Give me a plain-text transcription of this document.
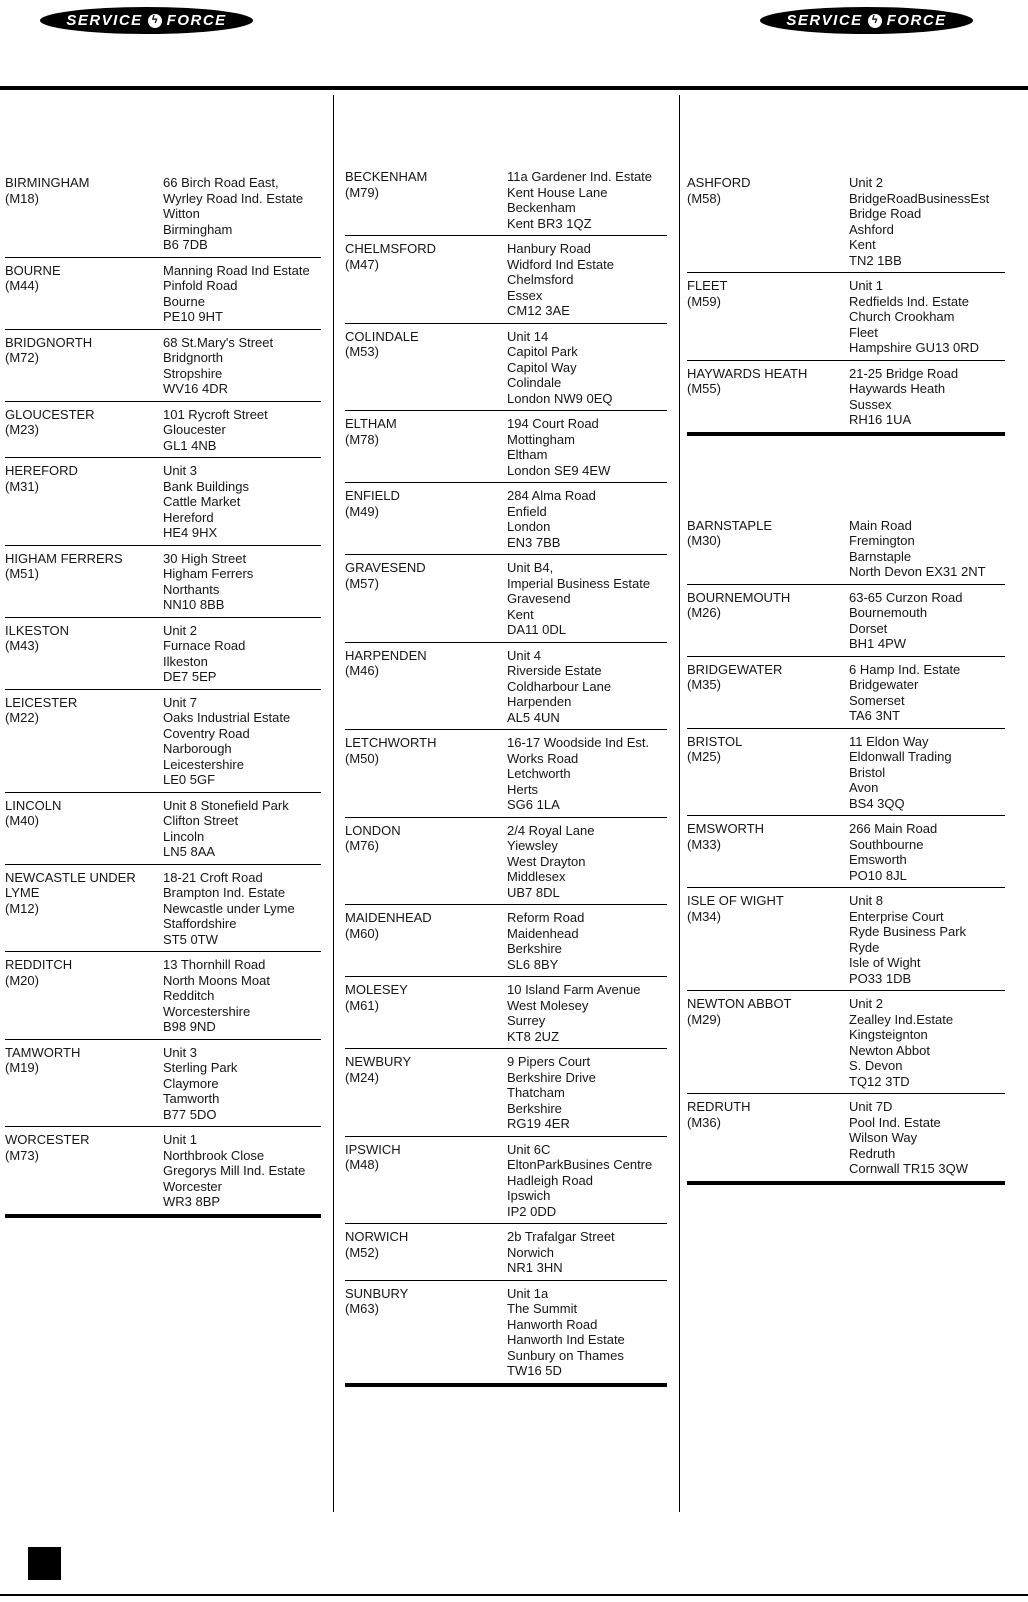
SERVICE ϟ FORCE	SERVICE ϟ FORCE
BIRMINGHAM
(M18)
66 Birch Road East,
Wyrley Road Ind. Estate
Witton
Birmingham
B6 7DB
BOURNE
(M44)
Manning Road Ind Estate
Pinfold Road
Bourne
PE10 9HT
BRIDGNORTH
(M72)
68 St.Mary's Street
Bridgnorth
Stropshire
WV16 4DR
GLOUCESTER
(M23)
101 Rycroft Street
Gloucester
GL1 4NB
HEREFORD
(M31)
Unit 3
Bank Buildings
Cattle Market
Hereford
HE4 9HX
HIGHAM FERRERS
(M51)
30 High Street
Higham Ferrers
Northants
NN10 8BB
ILKESTON
(M43)
Unit 2
Furnace Road
Ilkeston
DE7 5EP
LEICESTER
(M22)
Unit 7
Oaks Industrial Estate
Coventry Road
Narborough
Leicestershire
LE0 5GF
LINCOLN
(M40)
Unit 8 Stonefield Park
Clifton Street
Lincoln
LN5 8AA
NEWCASTLE UNDER LYME
(M12)
18-21 Croft Road
Brampton Ind. Estate
Newcastle under Lyme
Staffordshire
ST5 0TW
REDDITCH
(M20)
13 Thornhill Road
North Moons Moat
Redditch
Worcestershire
B98 9ND
TAMWORTH
(M19)
Unit 3
Sterling Park
Claymore
Tamworth
B77 5DO
WORCESTER
(M73)
Unit 1
Northbrook Close
Gregorys Mill Ind. Estate
Worcester
WR3 8BP
BECKENHAM
(M79)
11a Gardener Ind. Estate
Kent House Lane
Beckenham
Kent BR3 1QZ
CHELMSFORD
(M47)
Hanbury Road
Widford Ind Estate
Chelmsford
Essex
CM12 3AE
COLINDALE
(M53)
Unit 14
Capitol Park
Capitol Way
Colindale
London NW9 0EQ
ELTHAM
(M78)
194 Court Road
Mottingham
Eltham
London SE9 4EW
ENFIELD
(M49)
284 Alma Road
Enfield
London
EN3 7BB
GRAVESEND
(M57)
Unit B4,
Imperial Business Estate
Gravesend
Kent
DA11 0DL
HARPENDEN
(M46)
Unit 4
Riverside Estate
Coldharbour Lane
Harpenden
AL5 4UN
LETCHWORTH
(M50)
16-17 Woodside Ind Est.
Works Road
Letchworth
Herts
SG6 1LA
LONDON
(M76)
2/4 Royal Lane
Yiewsley
West Drayton
Middlesex
UB7 8DL
MAIDENHEAD
(M60)
Reform Road
Maidenhead
Berkshire
SL6 8BY
MOLESEY
(M61)
10 Island Farm Avenue
West Molesey
Surrey
KT8 2UZ
NEWBURY
(M24)
9 Pipers Court
Berkshire Drive
Thatcham
Berkshire
RG19 4ER
IPSWICH
(M48)
Unit 6C
EltonParkBusines Centre
Hadleigh Road
Ipswich
IP2 0DD
NORWICH
(M52)
2b Trafalgar Street
Norwich
NR1 3HN
SUNBURY
(M63)
Unit 1a
The Summit
Hanworth Road
Hanworth Ind Estate
Sunbury on Thames
TW16 5D
ASHFORD
(M58)
Unit 2
BridgeRoadBusinessEst
Bridge Road
Ashford
Kent
TN2 1BB
FLEET
(M59)
Unit 1
Redfields Ind. Estate
Church Crookham
Fleet
Hampshire GU13 0RD
HAYWARDS HEATH
(M55)
21-25 Bridge Road
Haywards Heath
Sussex
RH16 1UA
BARNSTAPLE
(M30)
Main Road
Fremington
Barnstaple
North Devon EX31 2NT
BOURNEMOUTH
(M26)
63-65 Curzon Road
Bournemouth
Dorset
BH1 4PW
BRIDGEWATER
(M35)
6 Hamp Ind. Estate
Bridgewater
Somerset
TA6 3NT
BRISTOL
(M25)
11 Eldon Way
Eldonwall Trading
Bristol
Avon
BS4 3QQ
EMSWORTH
(M33)
266 Main Road
Southbourne
Emsworth
PO10 8JL
ISLE OF WIGHT
(M34)
Unit 8
Enterprise Court
Ryde Business Park
Ryde
Isle of Wight
PO33 1DB
NEWTON ABBOT
(M29)
Unit 2
Zealley Ind.Estate
Kingsteignton
Newton Abbot
S. Devon
TQ12 3TD
REDRUTH
(M36)
Unit 7D
Pool Ind. Estate
Wilson Way
Redruth
Cornwall TR15 3QW
